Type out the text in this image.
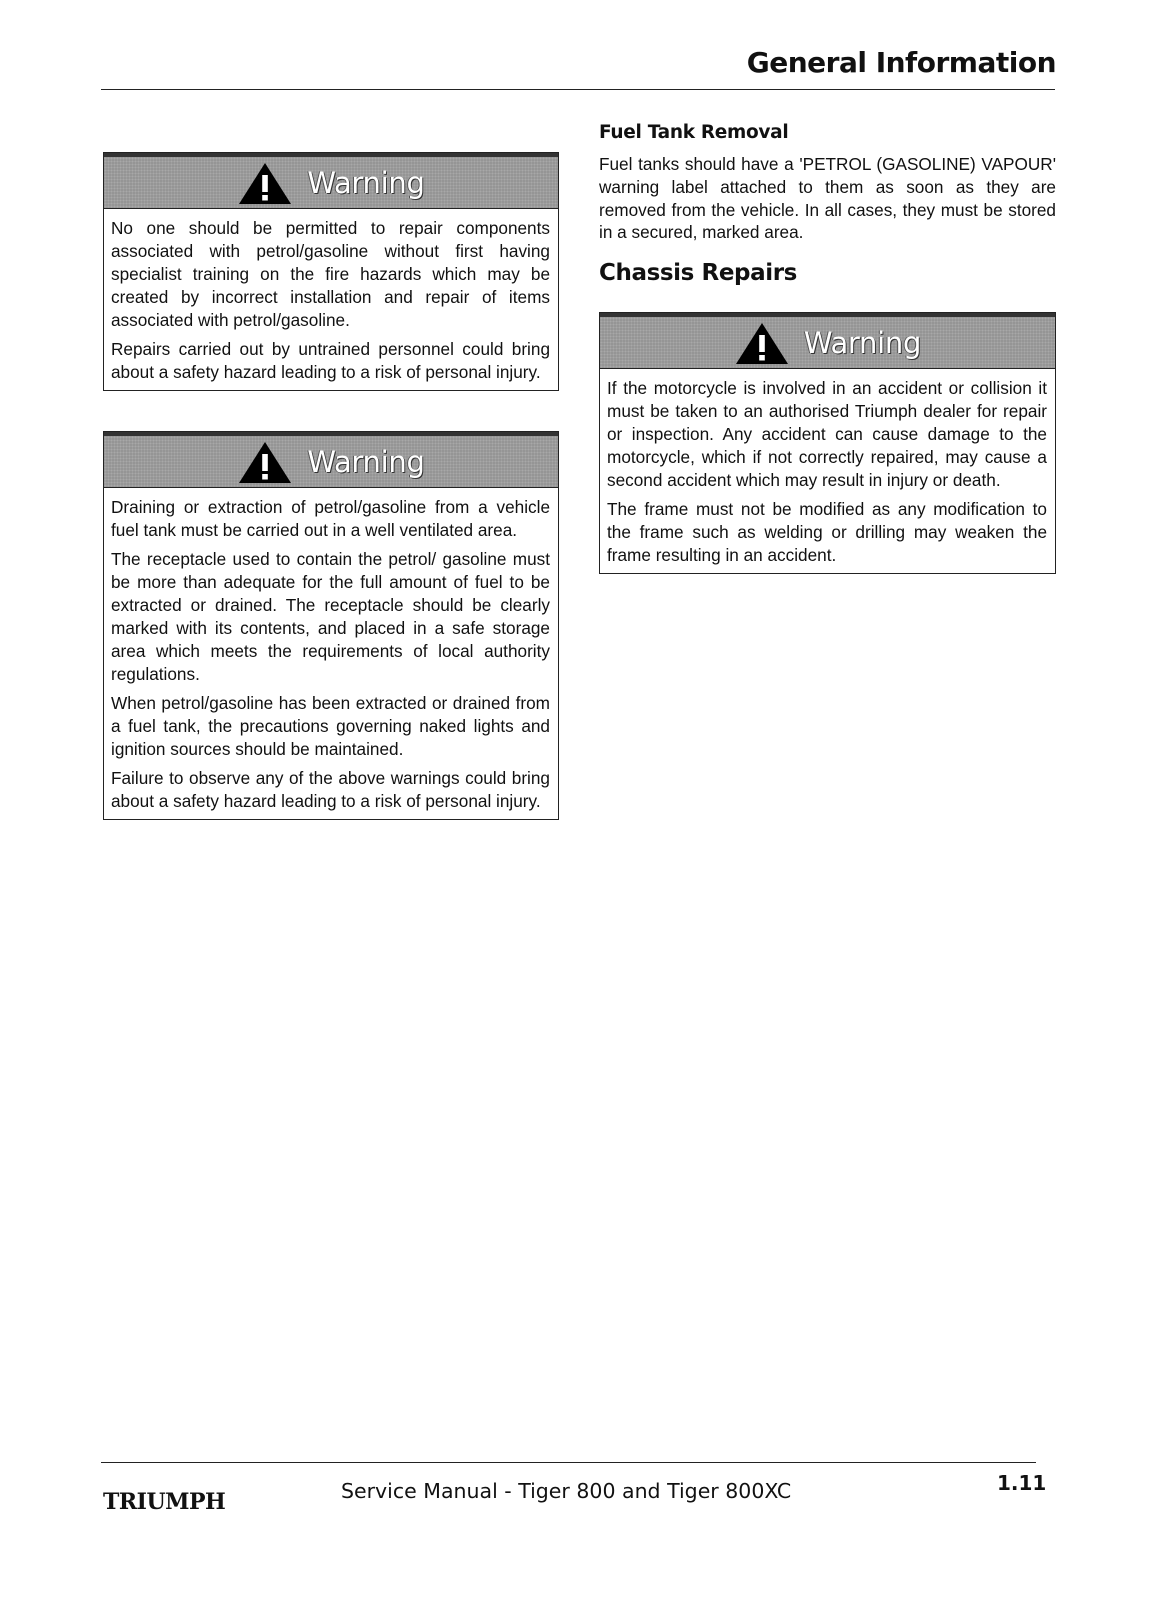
General Information
Warning

No one should be permitted to repair components associated with petrol/gasoline without first having specialist training on the fire hazards which may be created by incorrect installation and repair of items associated with petrol/gasoline.

Repairs carried out by untrained personnel could bring about a safety hazard leading to a risk of personal injury.

Warning

Draining or extraction of petrol/gasoline from a vehicle fuel tank must be carried out in a well ventilated area.

The receptacle used to contain the petrol/ gasoline must be more than adequate for the full amount of fuel to be extracted or drained. The receptacle should be clearly marked with its contents, and placed in a safe storage area which meets the requirements of local authority regulations.

When petrol/gasoline has been extracted or drained from a fuel tank, the precautions governing naked lights and ignition sources should be maintained.

Failure to observe any of the above warnings could bring about a safety hazard leading to a risk of personal injury.

Fuel Tank Removal

Fuel tanks should have a 'PETROL (GASOLINE) VAPOUR' warning label attached to them as soon as they are removed from the vehicle. In all cases, they must be stored in a secured, marked area.

Chassis Repairs
Warning

If the motorcycle is involved in an accident or collision it must be taken to an authorised Triumph dealer for repair or inspection. Any accident can cause damage to the motorcycle, which if not correctly repaired, may cause a second accident which may result in injury or death.

The frame must not be modified as any modification to the frame such as welding or drilling may weaken the frame resulting in an accident.

TRIUMPH	Service Manual - Tiger 800 and Tiger 800XC	1.11
